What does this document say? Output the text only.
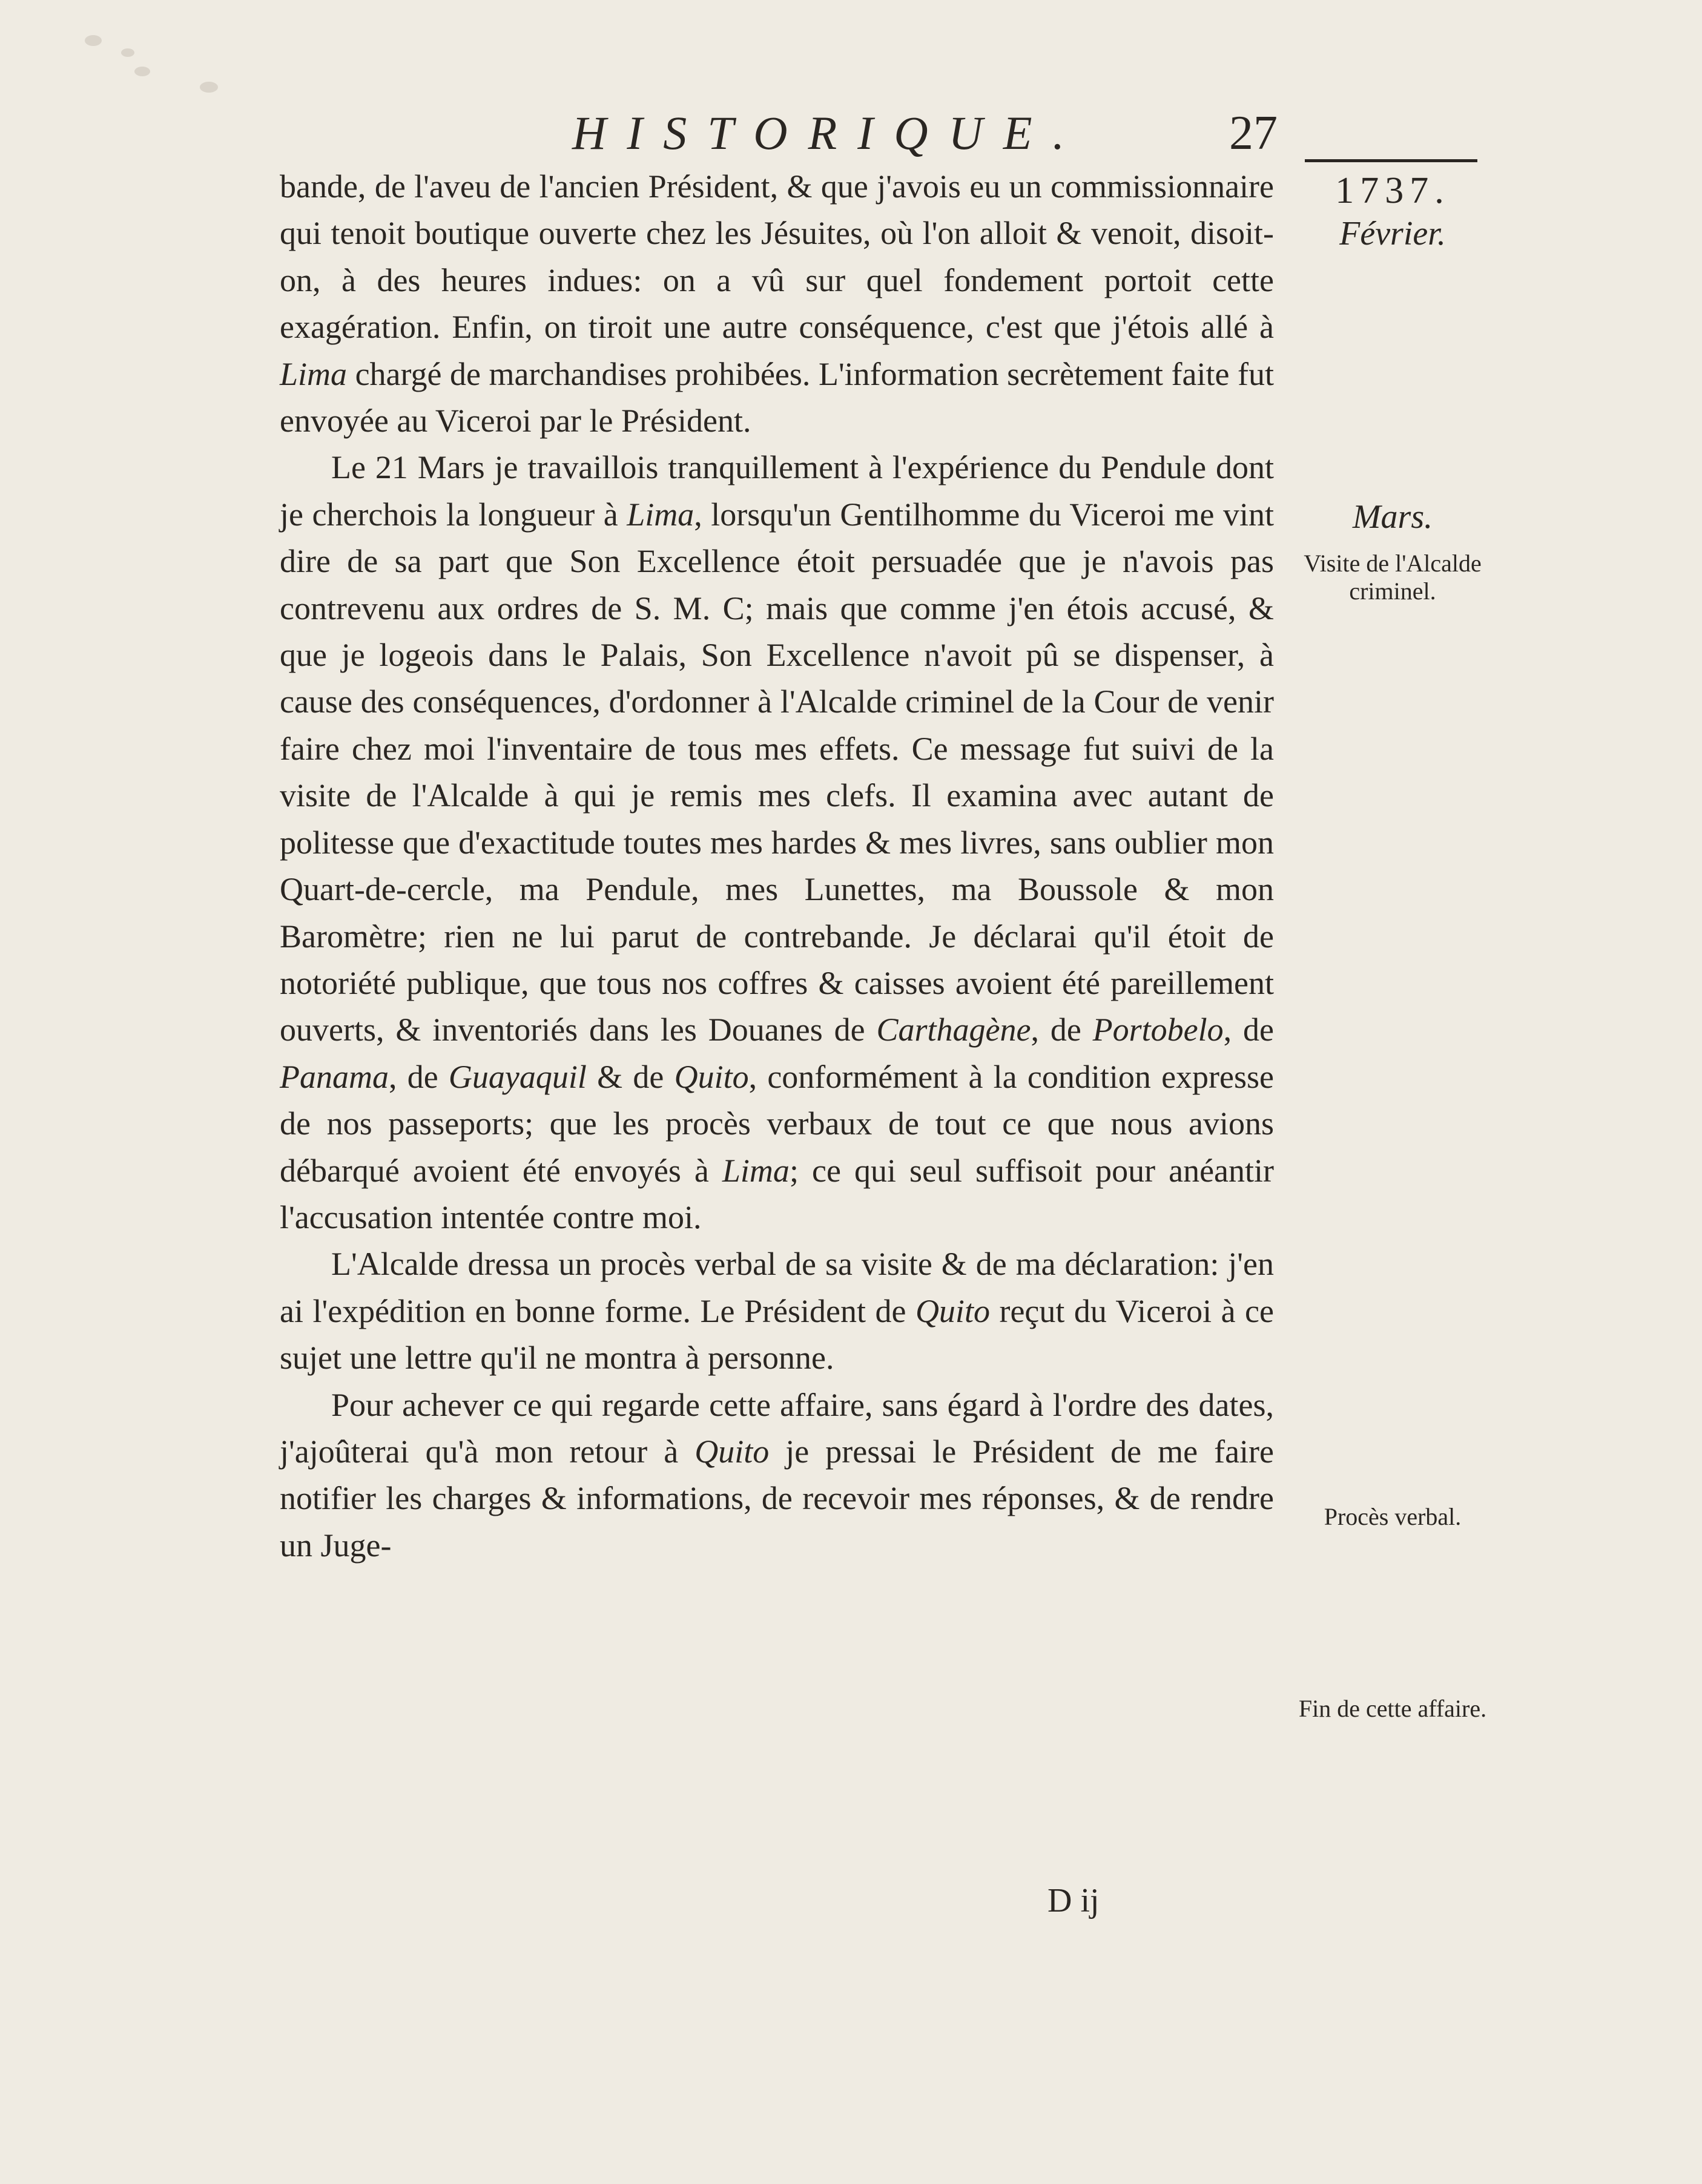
HISTORIQUE.	27

bande, de l'aveu de l'ancien Président, & que j'avois eu un commissionnaire qui tenoit boutique ouverte chez les Jésuites, où l'on alloit & venoit, disoit-on, à des heures indues: on a vû sur quel fondement portoit cette exagération. Enfin, on tiroit une autre conséquence, c'est que j'étois allé à Lima chargé de marchandises prohibées. L'information secrètement faite fut envoyée au Viceroi par le Président.

Le 21 Mars je travaillois tranquillement à l'expérience du Pendule dont je cherchois la longueur à Lima, lorsqu'un Gentilhomme du Viceroi me vint dire de sa part que Son Excellence étoit persuadée que je n'avois pas contrevenu aux ordres de S. M. C; mais que comme j'en étois accusé, & que je logeois dans le Palais, Son Excellence n'avoit pû se dispenser, à cause des conséquences, d'ordonner à l'Alcalde criminel de la Cour de venir faire chez moi l'inventaire de tous mes effets. Ce message fut suivi de la visite de l'Alcalde à qui je remis mes clefs. Il examina avec autant de politesse que d'exactitude toutes mes hardes & mes livres, sans oublier mon Quart-de-cercle, ma Pendule, mes Lunettes, ma Boussole & mon Baromètre; rien ne lui parut de contrebande. Je déclarai qu'il étoit de notoriété publique, que tous nos coffres & caisses avoient été pareillement ouverts, & inventoriés dans les Douanes de Carthagène, de Portobelo, de Panama, de Guayaquil & de Quito, conformément à la condition expresse de nos passeports; que les procès verbaux de tout ce que nous avions débarqué avoient été envoyés à Lima; ce qui seul suffisoit pour anéantir l'accusation intentée contre moi.

L'Alcalde dressa un procès verbal de sa visite & de ma déclaration: j'en ai l'expédition en bonne forme. Le Président de Quito reçut du Viceroi à ce sujet une lettre qu'il ne montra à personne.

Pour achever ce qui regarde cette affaire, sans égard à l'ordre des dates, j'ajoûterai qu'à mon retour à Quito je pressai le Président de me faire notifier les charges & informations, de recevoir mes réponses, & de rendre un Juge-

1737.
Février.
Mars.
Visite de l'Alcalde criminel.
Procès verbal.
Fin de cette affaire.
D ij
